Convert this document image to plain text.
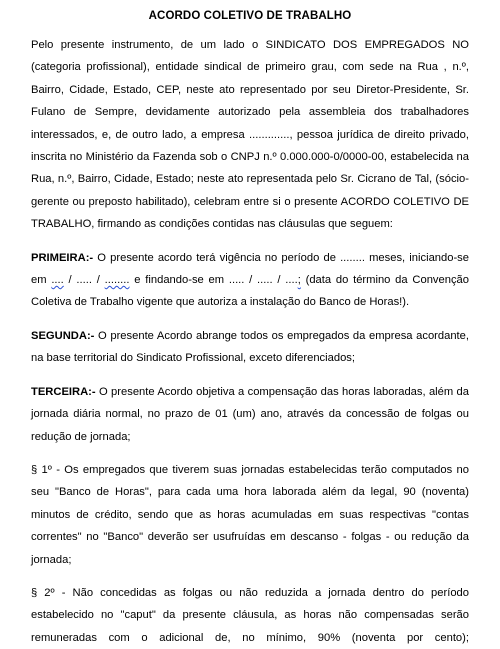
ACORDO COLETIVO DE TRABALHO

Pelo presente instrumento, de um lado o SINDICATO DOS EMPREGADOS NO (categoria profissional), entidade sindical de primeiro grau, com sede na Rua , n.º, Bairro, Cidade, Estado, CEP, neste ato representado por seu Diretor-Presidente, Sr. Fulano de Sempre, devidamente autorizado pela assembleia dos trabalhadores interessados, e, de outro lado, a empresa ............., pessoa jurídica de direito privado, inscrita no Ministério da Fazenda sob o CNPJ n.º 0.000.000-0/0000-00, estabelecida na Rua, n.º, Bairro, Cidade, Estado; neste ato representada pelo Sr. Cicrano de Tal, (sócio-gerente ou preposto habilitado), celebram entre si o presente ACORDO COLETIVO DE TRABALHO, firmando as condições contidas nas cláusulas que seguem:

PRIMEIRA:- O presente acordo terá vigência no período de ........ meses, iniciando-se em .... / ..... / ........ e findando-se em ..... / ..... / ....; (data do término da Convenção Coletiva de Trabalho vigente que autoriza a instalação do Banco de Horas!).

SEGUNDA:- O presente Acordo abrange todos os empregados da empresa acordante, na base territorial do Sindicato Profissional, exceto diferenciados;

TERCEIRA:- O presente Acordo objetiva a compensação das horas laboradas, além da jornada diária normal, no prazo de 01 (um) ano, através da concessão de folgas ou redução de jornada;

§ 1º - Os empregados que tiverem suas jornadas estabelecidas terão computados no seu "Banco de Horas", para cada uma hora laborada além da legal, 90 (noventa) minutos de crédito, sendo que as horas acumuladas em suas respectivas "contas correntes" no "Banco" deverão ser usufruídas em descanso - folgas - ou redução da jornada;

§ 2º - Não concedidas as folgas ou não reduzida a jornada dentro do período estabelecido no "caput" da presente cláusula, as horas não compensadas serão remuneradas com o adicional de, no mínimo, 90% (noventa por cento);
